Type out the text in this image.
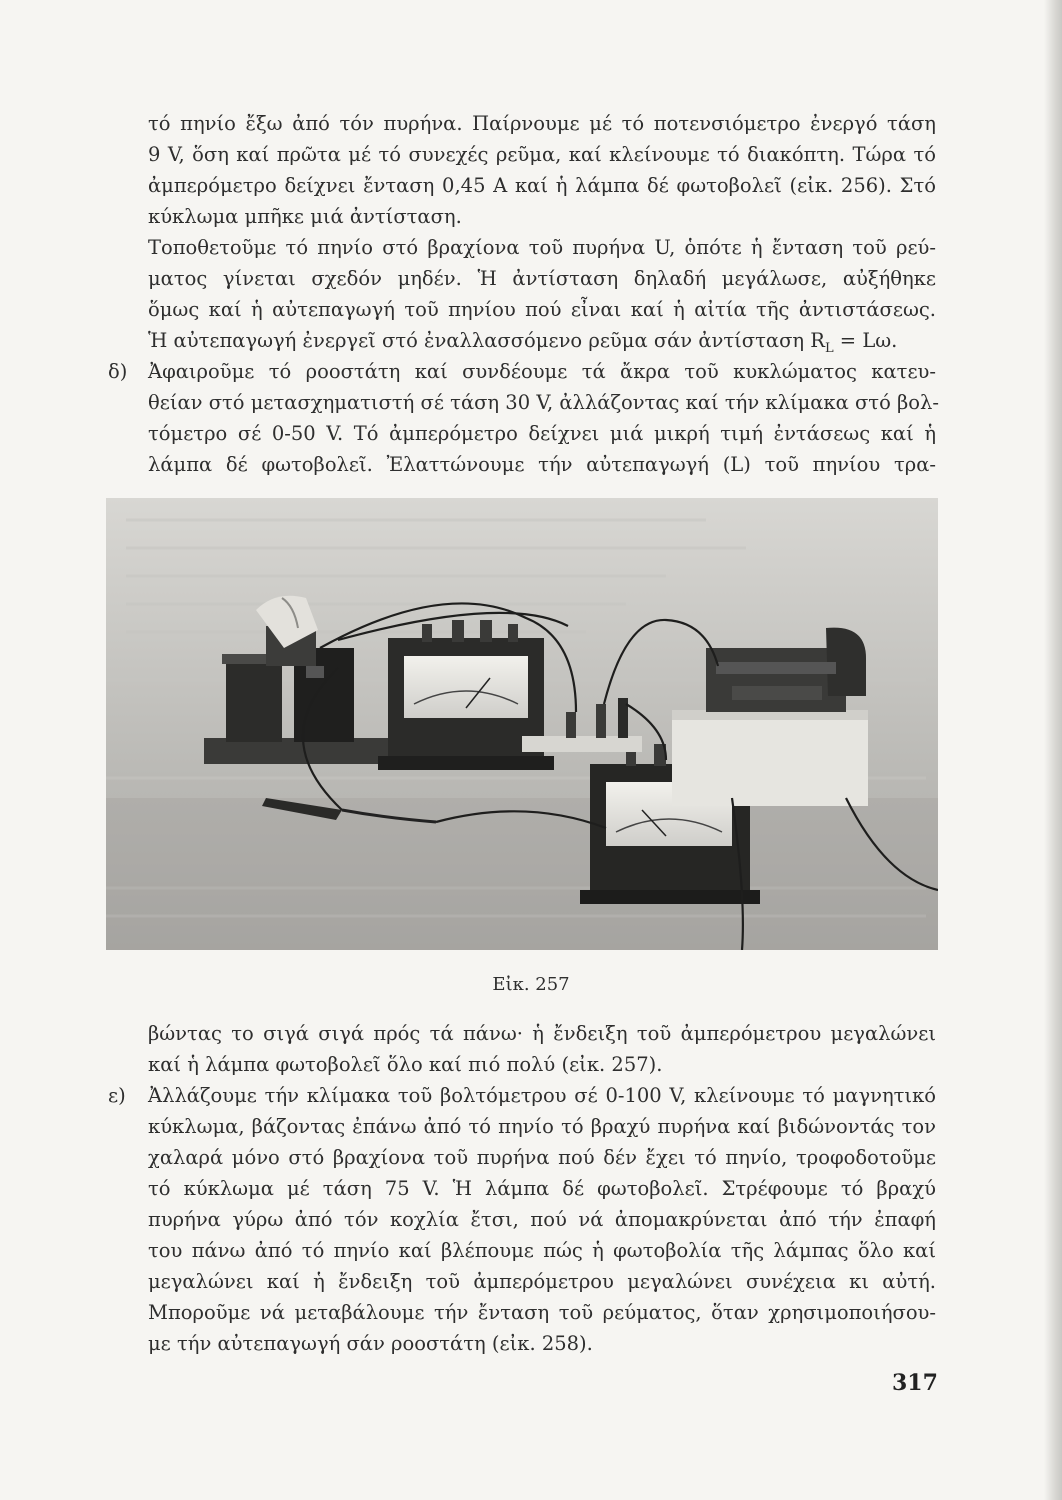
τό πηνίο ἔξω ἀπό τόν πυρήνα. Παίρνουμε μέ τό ποτενσιόμετρο ἐνεργό τάση
9 V, ὅση καί πρῶτα μέ τό συνεχές ρεῦμα, καί κλείνουμε τό διακόπτη. Τώρα τό
ἀμπερόμετρο δείχνει ἔνταση 0,45 A καί ἡ λάμπα δέ φωτοβολεῖ (εἰκ. 256). Στό
κύκλωμα μπῆκε μιά ἀντίσταση.
Τοποθετοῦμε τό πηνίο στό βραχίονα τοῦ πυρήνα U, ὁπότε ἡ ἔνταση τοῦ ρεύ-
ματος γίνεται σχεδόν μηδέν. Ἡ ἀντίσταση δηλαδή μεγάλωσε, αὐξήθηκε
ὅμως καί ἡ αὐτεπαγωγή τοῦ πηνίου πού εἶναι καί ἡ αἰτία τῆς ἀντιστάσεως.
Ἡ αὐτεπαγωγή ἐνεργεῖ στό ἐναλλασσόμενο ρεῦμα σάν ἀντίσταση $R_L = L\omega$.
δ) Ἀφαιροῦμε τό ροοστάτη καί συνδέουμε τά ἄκρα τοῦ κυκλώματος κατευ-
θείαν στό μετασχηματιστή σέ τάση 30 V, ἀλλάζοντας καί τήν κλίμακα στό βολ-
τόμετρο σέ 0-50 V. Τό ἀμπερόμετρο δείχνει μιά μικρή τιμή ἐντάσεως καί ἡ
λάμπα δέ φωτοβολεῖ. Ἐλαττώνουμε τήν αὐτεπαγωγή (L) τοῦ πηνίου τρα-
Εἰκ. 257
βώντας το σιγά σιγά πρός τά πάνω· ἡ ἔνδειξη τοῦ ἀμπερόμετρου μεγαλώνει
καί ἡ λάμπα φωτοβολεῖ ὅλο καί πιό πολύ (εἰκ. 257).
ε) Ἀλλάζουμε τήν κλίμακα τοῦ βολτόμετρου σέ 0-100 V, κλείνουμε τό μαγνητικό
κύκλωμα, βάζοντας ἐπάνω ἀπό τό πηνίο τό βραχύ πυρήνα καί βιδώνοντάς τον
χαλαρά μόνο στό βραχίονα τοῦ πυρήνα πού δέν ἔχει τό πηνίο, τροφοδοτοῦμε
τό κύκλωμα μέ τάση 75 V. Ἡ λάμπα δέ φωτοβολεῖ. Στρέφουμε τό βραχύ
πυρήνα γύρω ἀπό τόν κοχλία ἔτσι, πού νά ἀπομακρύνεται ἀπό τήν ἐπαφή
του πάνω ἀπό τό πηνίο καί βλέπουμε πώς ἡ φωτοβολία τῆς λάμπας ὅλο καί
μεγαλώνει καί ἡ ἔνδειξη τοῦ ἀμπερόμετρου μεγαλώνει συνέχεια κι αὐτή.
Μποροῦμε νά μεταβάλουμε τήν ἔνταση τοῦ ρεύματος, ὅταν χρησιμοποιήσου-
με τήν αὐτεπαγωγή σάν ροοστάτη (εἰκ. 258).
317
